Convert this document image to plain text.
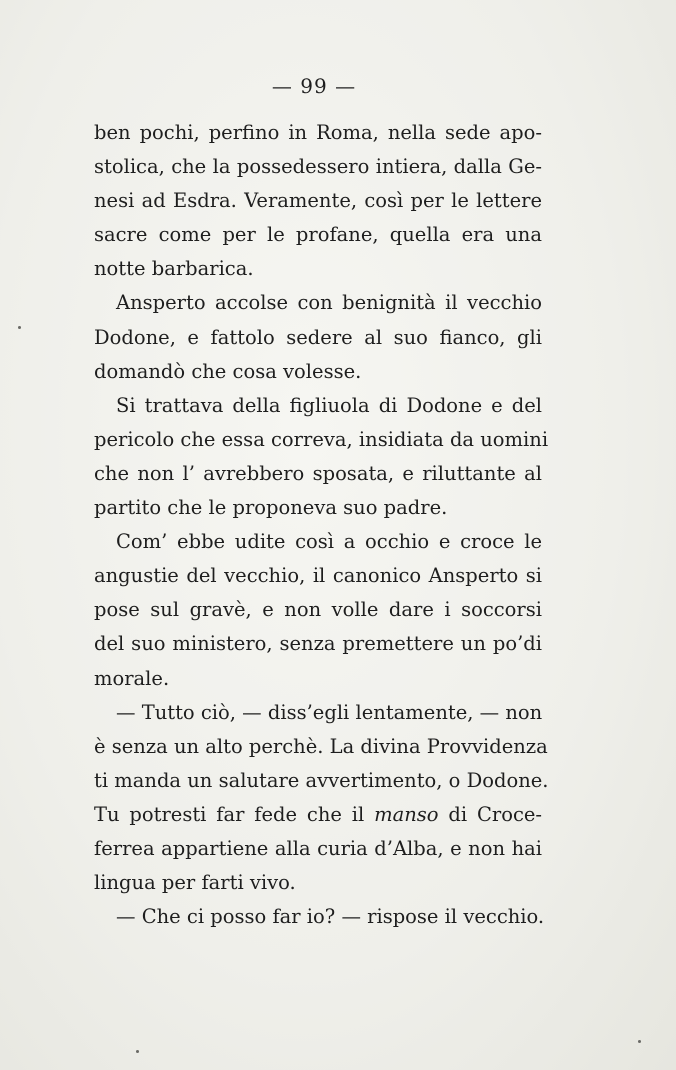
— 99 —
ben pochi, perfino in Roma, nella sede apo-
stolica, che la possedessero intiera, dalla Ge-
nesi ad Esdra. Veramente, così per le lettere
sacre come per le profane, quella era una
notte barbarica.
Ansperto accolse con benignità il vecchio
Dodone, e fattolo sedere al suo fianco, gli
domandò che cosa volesse.
Si trattava della figliuola di Dodone e del
pericolo che essa correva, insidiata da uomini
che non l’ avrebbero sposata, e riluttante al
partito che le proponeva suo padre.
Com’ ebbe udite così a occhio e croce le
angustie del vecchio, il canonico Ansperto si
pose sul gravè, e non volle dare i soccorsi
del suo ministero, senza premettere un po’di
morale.
— Tutto ciò, — diss’egli lentamente, — non
è senza un alto perchè. La divina Provvidenza
ti manda un salutare avvertimento, o Dodone.
Tu potresti far fede che il manso di Croce-
ferrea appartiene alla curia d’Alba, e non hai
lingua per farti vivo.
— Che ci posso far io? — rispose il vecchio.
